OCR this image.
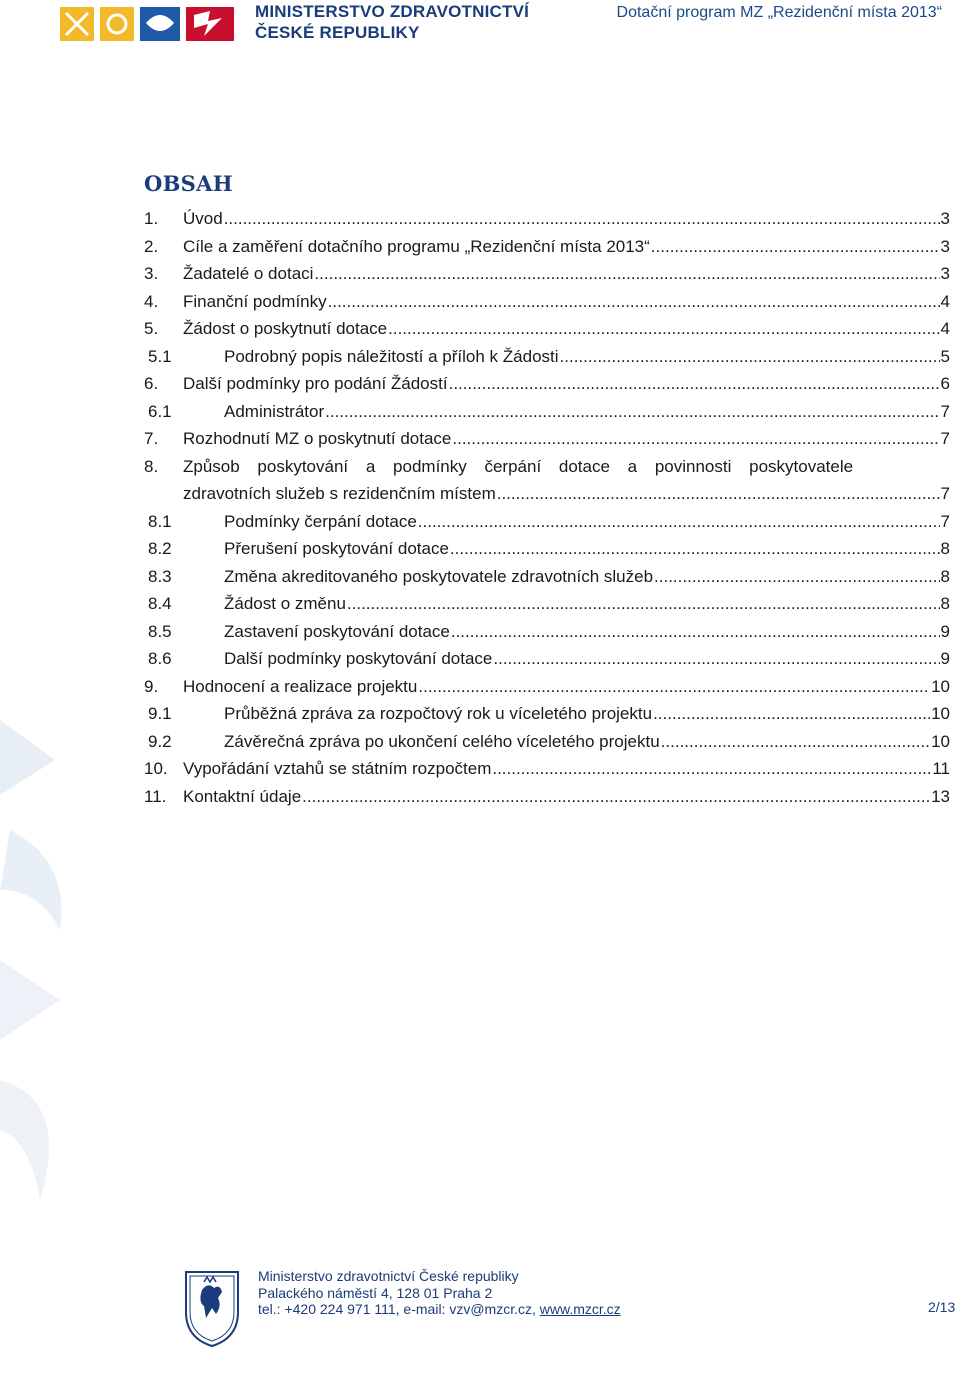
MINISTERSTVO ZDRAVOTNICTVÍ
ČESKÉ REPUBLIKY
Dotační program MZ „Rezidenční místa 2013“
OBSAH
1. Úvod .....	3
2. Cíle a zaměření dotačního programu „Rezidenční místa 2013“ .....	3
3. Žadatelé o dotaci .....	3
4. Finanční podmínky .....	4
5. Žádost o poskytnutí dotace .....	4
5.1	Podrobný popis náležitostí a příloh k Žádosti .....	5
6. Další podmínky pro podání Žádostí .....	6
6.1	Administrátor .....	7
7. Rozhodnutí MZ o poskytnutí dotace .....	7
8. Způsob poskytování a podmínky čerpání dotace a povinnosti poskytovatele
zdravotních služeb s rezidenčním místem .....	7
8.1	Podmínky čerpání dotace .....	7
8.2	Přerušení poskytování dotace .....	8
8.3	Změna akreditovaného poskytovatele zdravotních služeb .....	8
8.4	Žádost o změnu .....	8
8.5	Zastavení poskytování dotace .....	9
8.6	Další podmínky poskytování dotace .....	9
9. Hodnocení a realizace projektu .....	10
9.1	Průběžná zpráva za rozpočtový rok u víceletého projektu .....	10
9.2	Závěrečná zpráva po ukončení celého víceletého projektu .....	10
10. Vypořádání vztahů se státním rozpočtem .....	11
11. Kontaktní údaje .....	13
Ministerstvo zdravotnictví České republiky
Palackého náměstí 4, 128 01 Praha 2
tel.: +420 224 971 111, e-mail: vzv@mzcr.cz, www.mzcr.cz	2/13
